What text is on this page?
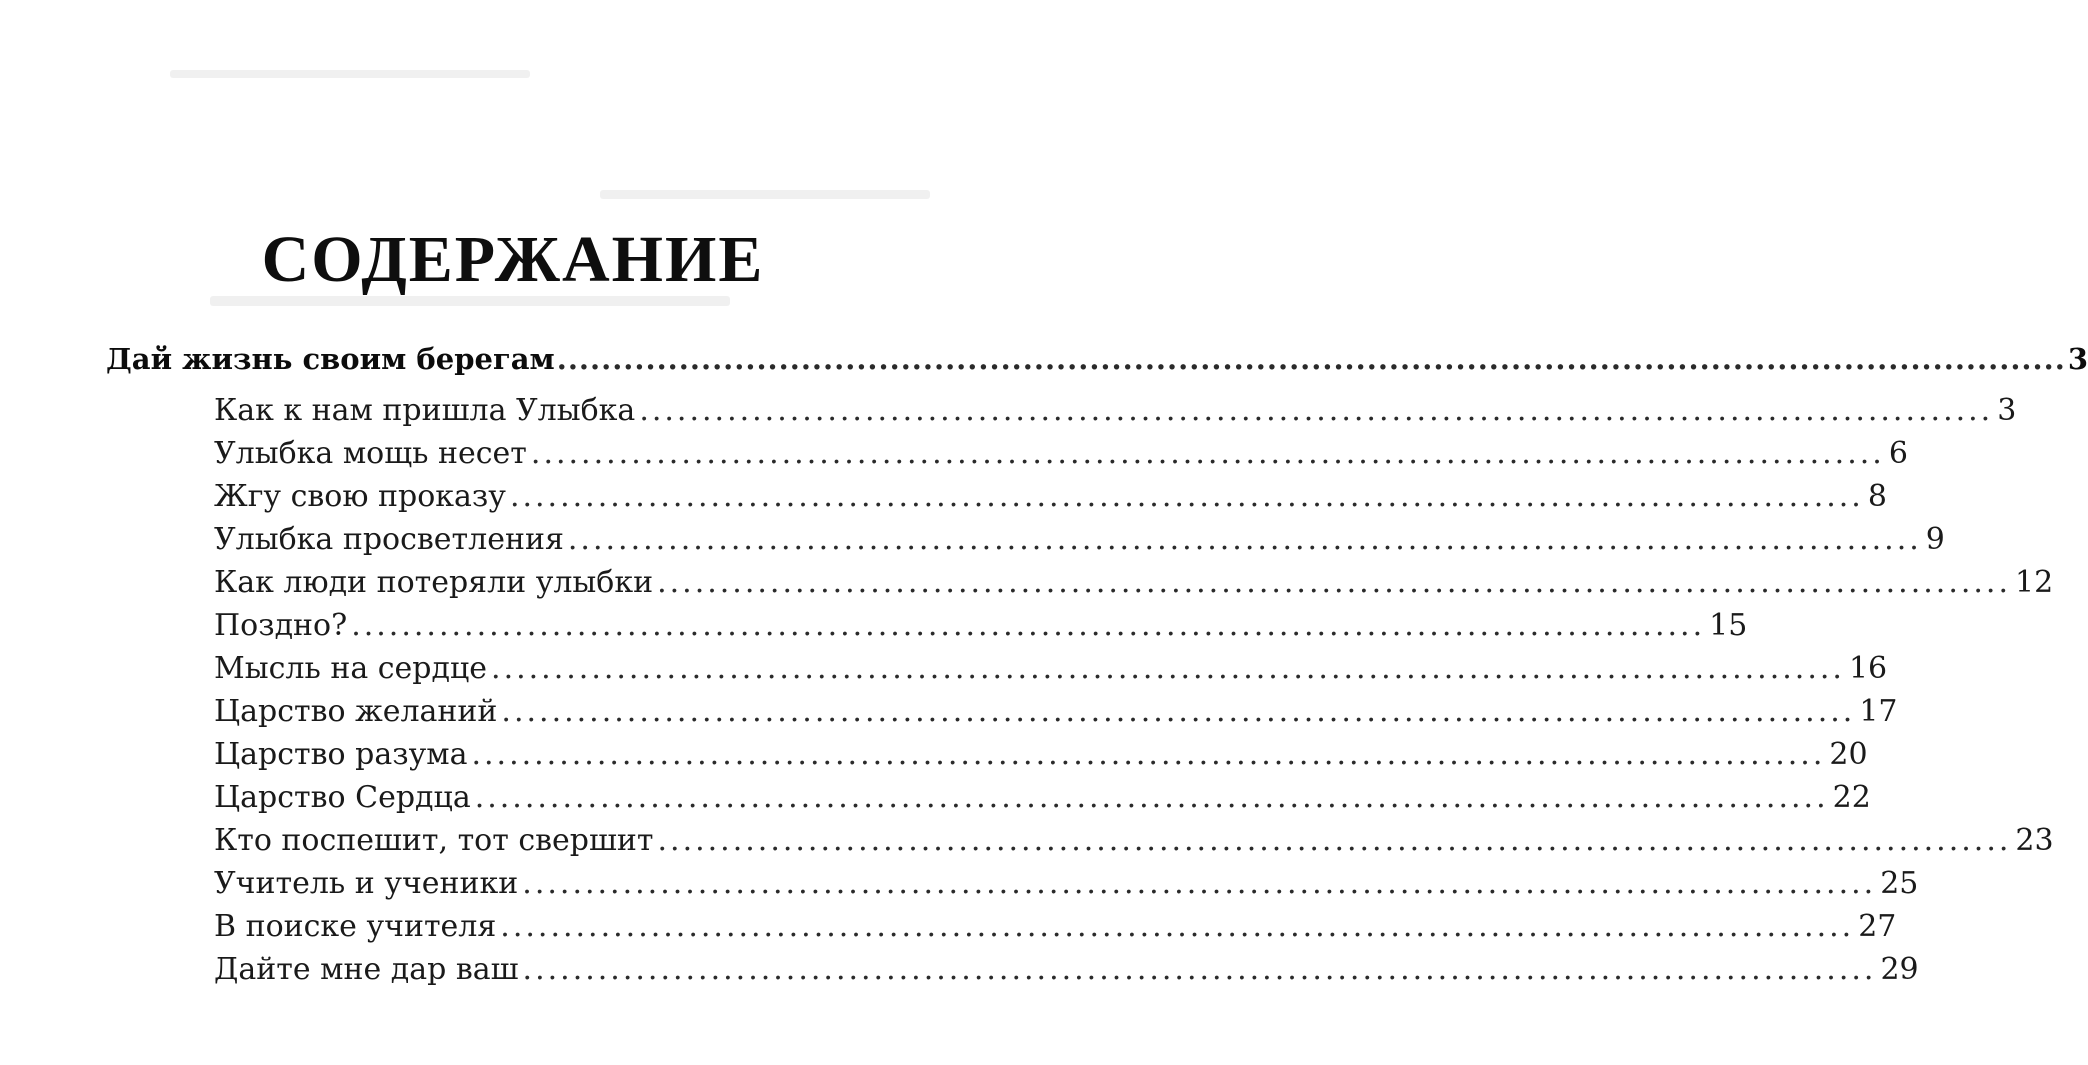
СОДЕРЖАНИЕ
Дай жизнь своим берегам ........................................................................................................................................ 3
Как к нам пришла Улыбка ............................................................................................................ 3
Улыбка мощь несет ............................................................................................................ 6
Жгу свою проказу ............................................................................................................ 8
Улыбка просветления ............................................................................................................ 9
Как люди потеряли улыбки ............................................................................................................ 12
Поздно? ............................................................................................................ 15
Мысль на сердце ............................................................................................................ 16
Царство желаний ............................................................................................................ 17
Царство разума ............................................................................................................ 20
Царство Сердца ............................................................................................................ 22
Кто поспешит, тот свершит ............................................................................................................ 23
Учитель и ученики ............................................................................................................ 25
В поиске учителя ............................................................................................................ 27
Дайте мне дар ваш ............................................................................................................ 29
